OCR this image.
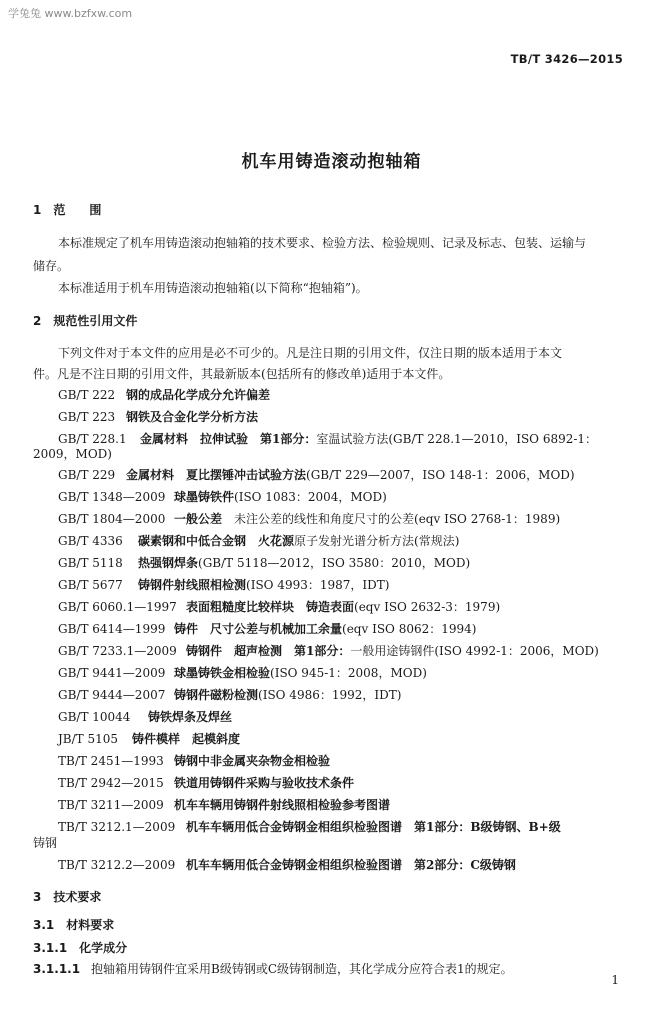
学兔兔 www.bzfxw.com
TB/T 3426—2015
机车用铸造滚动抱轴箱
1　范　　围
本标准规定了机车用铸造滚动抱轴箱的技术要求、检验方法、检验规则、记录及标志、包装、运输与
储存。
本标准适用于机车用铸造滚动抱轴箱(以下简称“抱轴箱”)。
2　规范性引用文件
下列文件对于本文件的应用是必不可少的。凡是注日期的引用文件，仅注日期的版本适用于本文
件。凡是不注日期的引用文件，其最新版本(包括所有的修改单)适用于本文件。
GB/T 222 钢的成品化学成分允许偏差
GB/T 223 钢铁及合金化学分析方法
GB/T 228.1 金属材料　拉伸试验　第1部分：室温试验方法(GB/T 228.1—2010，ISO 6892-1：
2009，MOD)
GB/T 229 金属材料　夏比摆锤冲击试验方法(GB/T 229—2007，ISO 148-1：2006，MOD)
GB/T 1348—2009 球墨铸铁件(ISO 1083：2004，MOD)
GB/T 1804—2000 一般公差　未注公差的线性和角度尺寸的公差(eqv ISO 2768-1：1989)
GB/T 4336 碳素钢和中低合金钢　火花源原子发射光谱分析方法(常规法)
GB/T 5118 热强钢焊条(GB/T 5118—2012，ISO 3580：2010，MOD)
GB/T 5677 铸钢件射线照相检测(ISO 4993：1987，IDT)
GB/T 6060.1—1997 表面粗糙度比较样块　铸造表面(eqv ISO 2632-3：1979)
GB/T 6414—1999 铸件　尺寸公差与机械加工余量(eqv ISO 8062：1994)
GB/T 7233.1—2009 铸钢件　超声检测　第1部分：一般用途铸钢件(ISO 4992-1：2006，MOD)
GB/T 9441—2009 球墨铸铁金相检验(ISO 945-1：2008，MOD)
GB/T 9444—2007 铸钢件磁粉检测(ISO 4986：1992，IDT)
GB/T 10044 铸铁焊条及焊丝
JB/T 5105 铸件模样　起模斜度
TB/T 2451—1993 铸钢中非金属夹杂物金相检验
TB/T 2942—2015 铁道用铸钢件采购与验收技术条件
TB/T 3211—2009 机车车辆用铸钢件射线照相检验参考图谱
TB/T 3212.1—2009 机车车辆用低合金铸钢金相组织检验图谱　第1部分：B级铸钢、B+级
铸钢
TB/T 3212.2—2009 机车车辆用低合金铸钢金相组织检验图谱　第2部分：C级铸钢
3　技术要求
3.1　材料要求
3.1.1　化学成分
3.1.1.1 抱轴箱用铸钢件宜采用B级铸钢或C级铸钢制造，其化学成分应符合表1的规定。
1
